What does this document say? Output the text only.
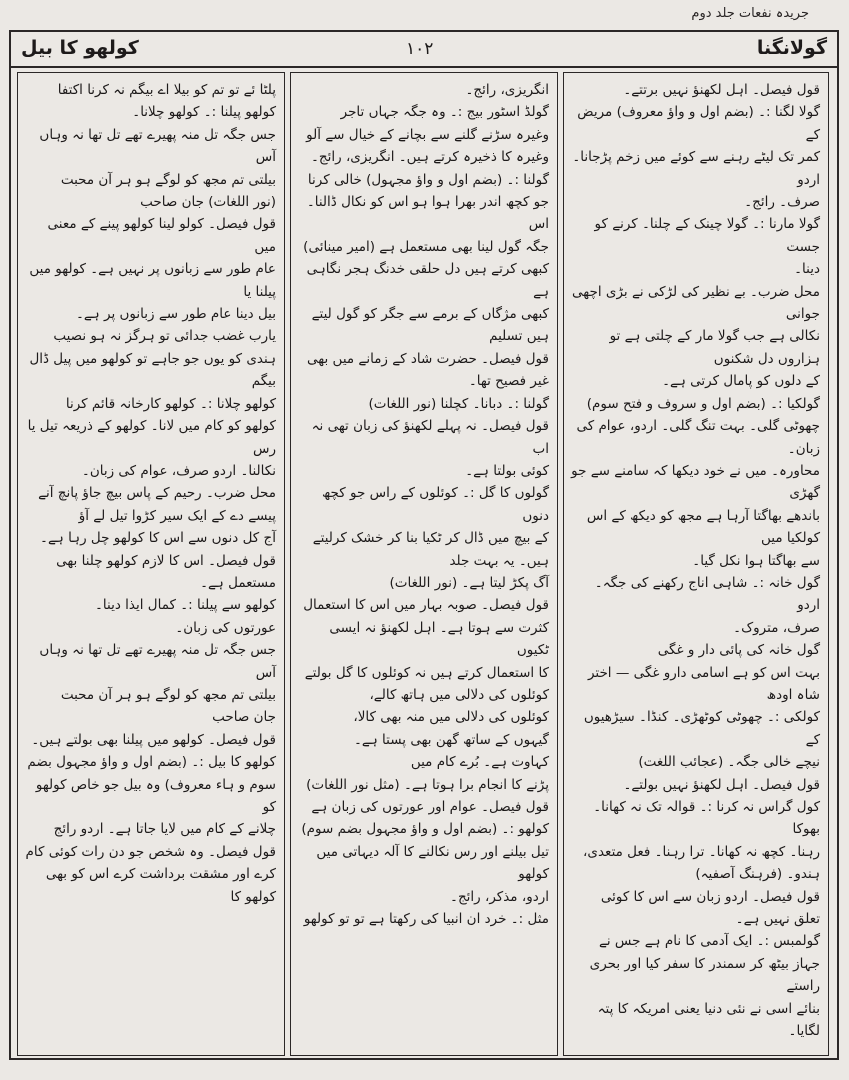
جریدہ نفعات جلد دوم
کولھو کا بیل	۱۰۲	گولانگنا

قول فیصل۔ اہل لکھنؤ نہیں برتتے۔

گولا لگنا :۔ (بضم اول و واؤ معروف) مریض کے

کمر تک لیٹے رہنے سے کوئے میں زخم پڑجانا۔ اردو

صرف۔ رائج۔

گولا مارنا :۔ گولا چینک کے چلنا۔ کرنے کو جست

دینا۔

محل ضرب۔ بے نظیر کی لڑکی نے بڑی اچھی جوانی

نکالی ہے جب گولا مار کے چلتی ہے تو ہزاروں دل شکنوں

کے دلوں کو پامال کرتی ہے۔

گولکیا :۔ (بضم اول و سروف و فتح سوم)

چھوٹی گلی۔ بہت تنگ گلی۔ اردو، عوام کی زبان۔

محاورہ۔ میں نے خود دیکھا کہ سامنے سے جو گھڑی

باندھے بھاگتا آرہا ہے مجھ کو دیکھ کے اس کولکیا میں

سے بھاگتا ہوا نکل گیا۔

گول خانہ :۔ شاہی اناج رکھنے کی جگہ۔ اردو

صرف، متروک۔

گول خانہ کی پائی دار و غگی

بہت اس کو ہے اسامی دارو غگی — اختر شاہ اودھ

کولکی :۔ چھوٹی کوٹھڑی۔ کنڈا۔ سیڑھیوں کے

نیچے خالی جگہ۔ (عجائب اللغت)

قول فیصل۔ اہل لکھنؤ نہیں بولتے۔

کول گراس نہ کرنا :۔ قوالہ تک نہ کھانا۔ بھوکا

رہنا۔ کچھ نہ کھانا۔ ترا رہنا۔ فعل متعدی،

ہندو۔ (فرہنگ آصفیہ)

قول فیصل۔ اردو زبان سے اس کا کوئی

تعلق نہیں ہے۔

گولمبس :۔ ایک آدمی کا نام ہے جس نے

جہاز بیٹھ کر سمندر کا سفر کیا اور بحری راستے

بنائے اسی نے نئی دنیا یعنی امریکہ کا پتہ لگایا۔

انگریزی، رائج۔

گولڈ اسٹور بیج :۔ وہ جگہ جہاں تاجر

وغیرہ سڑنے گلنے سے بچانے کے خیال سے آلو

وغیرہ کا ذخیرہ کرتے ہیں۔ انگریزی، رائج۔

گولنا :۔ (بضم اول و واؤ مجہول) خالی کرنا

جو کچھ اندر بھرا ہوا ہو اس کو نکال ڈالنا۔ اس

جگہ گول لینا بھی مستعمل ہے (امیر مینائی)

کبھی کرتے ہیں دل حلقی خدنگ ہجر نگاہی ہے

کبھی مژگاں کے برمے سے جگر کو گول لیتے ہیں تسلیم

قول فیصل۔ حضرت شاد کے زمانے میں بھی

غیر فصیح تھا۔

گولنا :۔ دبانا۔ کچلنا (نور اللغات)

قول فیصل۔ نہ پہلے لکھنؤ کی زبان تھی نہ اب

کوئی بولتا ہے۔

گولوں کا گل :۔ کوئلوں کے راس جو کچھ دنوں

کے بیچ میں ڈال کر ٹکیا بنا کر خشک کرلیتے ہیں۔ یہ بہت جلد

آگ پکڑ لیتا ہے۔ (نور اللغات)

قول فیصل۔ صوبہ بہار میں اس کا استعمال

کثرت سے ہوتا ہے۔ اہل لکھنؤ نہ ایسی ٹکیوں

کا استعمال کرتے ہیں نہ کوئلوں کا گل بولتے

کوئلوں کی دلالی میں ہاتھ کالے،

کوئلوں کی دلالی میں منہ بھی کالا،

گیہوں کے ساتھ گھن بھی پستا ہے۔

کہاوت ہے۔ بُرے کام میں

پڑنے کا انجام برا ہوتا ہے۔ (مثل نور اللغات)

قول فیصل۔ عوام اور عورتوں کی زبان ہے

کولھو :۔ (بضم اول و واؤ مجہول بضم سوم)

تیل بیلنے اور رس نکالنے کا آلہ دیہاتی میں کولھو

اردو، مذکر، رائج۔

مثل :۔ خرد ان انبیا کی رکھتا ہے تو تو کولھو

پلٹا ئے تو تم کو بیلا اے بیگم نہ کرنا اکتفا

کولھو پیلنا :۔ کولھو چلانا۔

جس جگہ تل منہ پھیرے تھے تل تھا نہ وہاں آس

بیلتی تم مجھ کو لوگے ہو ہر آن محبت

(نور اللغات) جان صاحب

قول فیصل۔ کولو لینا کولھو پینے کے معنی میں

عام طور سے زبانوں پر نہیں ہے۔ کولھو میں پیلنا یا

بیل دینا عام طور سے زبانوں پر ہے۔

یارب غضب جدائی تو ہرگز نہ ہو نصیب

ہندی کو یوں جو جاہے تو کولھو میں پیل ڈال بیگم

کولھو چلانا :۔ کولھو کارخانہ قائم کرنا

کولھو کو کام میں لانا۔ کولھو کے ذریعہ تیل یا رس

نکالنا۔ اردو صرف، عوام کی زبان۔

محل ضرب۔ رحیم کے پاس بیچ جاؤ پانچ آنے

پیسے دے کے ایک سیر کڑوا تیل لے آؤ

آج کل دنوں سے اس کا کولھو چل رہا ہے۔

قول فیصل۔ اس کا لازم کولھو چلنا بھی

مستعمل ہے۔

کولھو سے پیلنا :۔ کمال ایذا دینا۔

عورتوں کی زبان۔

جس جگہ تل منہ پھیرے تھے تل تھا نہ وہاں آس

بیلتی تم مجھ کو لوگے ہو ہر آن محبت

جان صاحب

قول فیصل۔ کولھو میں پیلنا بھی بولتے ہیں۔

کولھو کا بیل :۔ (بضم اول و واؤ مجہول بضم

سوم و ہاء معروف) وہ بیل جو خاص کولھو کو

چلانے کے کام میں لایا جاتا ہے۔ اردو رائج

قول فیصل۔ وہ شخص جو دن رات کوئی کام

کرے اور مشقت برداشت کرے اس کو بھی کولھو کا
